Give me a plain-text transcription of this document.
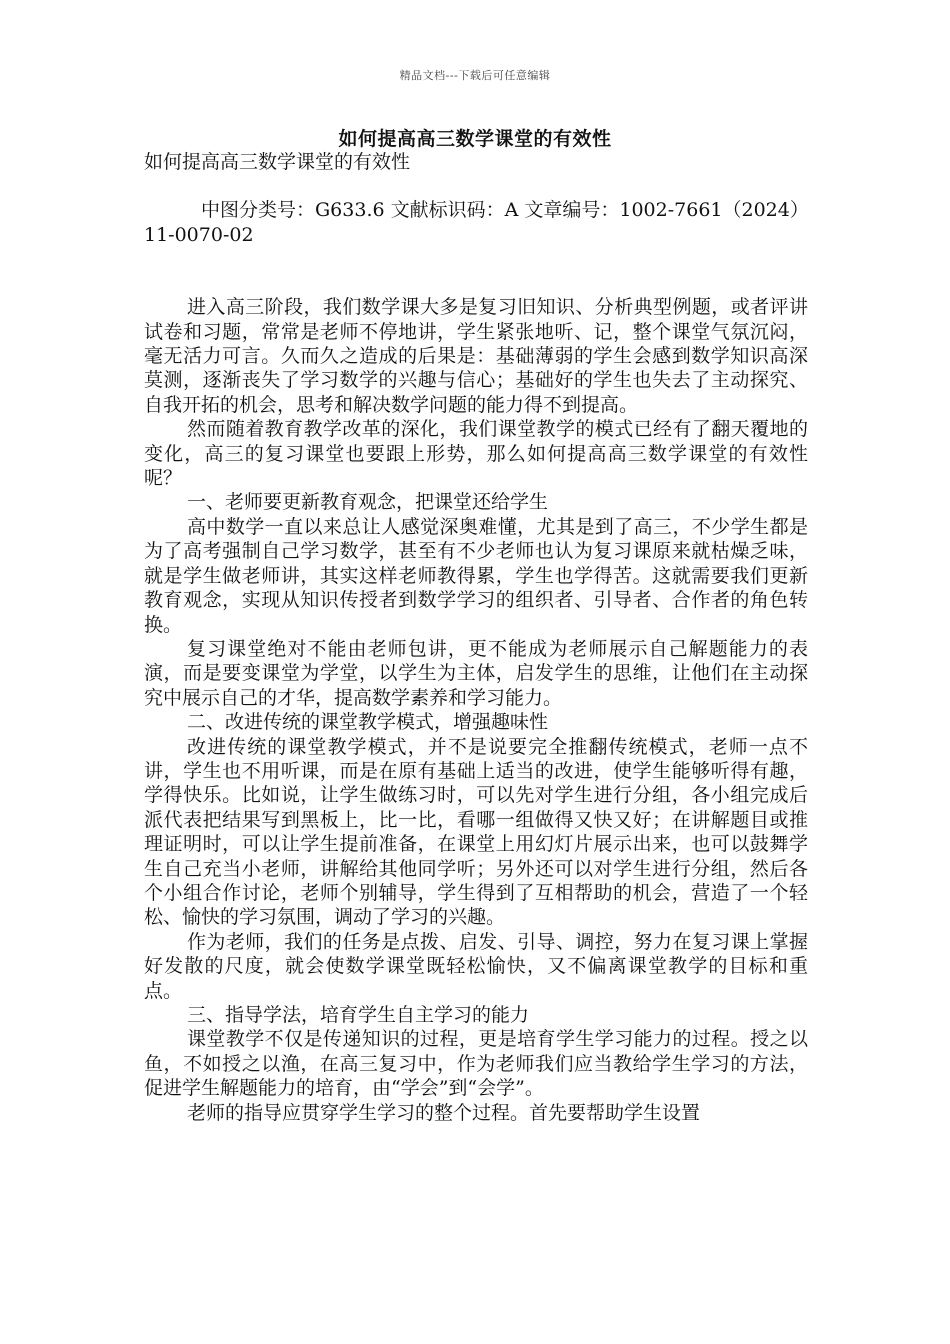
精品文档---下载后可任意编辑
如何提高高三数学课堂的有效性

如何提高高三数学课堂的有效性

中图分类号：G633.6 文献标识码：A 文章编号：1002-7661（2024）11-0070-02

进入高三阶段，我们数学课大多是复习旧知识、分析典型例题，或者评讲试卷和习题，常常是老师不停地讲，学生紧张地听、记，整个课堂气氛沉闷，毫无活力可言。久而久之造成的后果是：基础薄弱的学生会感到数学知识高深莫测，逐渐丧失了学习数学的兴趣与信心；基础好的学生也失去了主动探究、自我开拓的机会，思考和解决数学问题的能力得不到提高。

然而随着教育教学改革的深化，我们课堂教学的模式已经有了翻天覆地的变化，高三的复习课堂也要跟上形势，那么如何提高高三数学课堂的有效性呢？

一、老师要更新教育观念，把课堂还给学生

高中数学一直以来总让人感觉深奥难懂，尤其是到了高三，不少学生都是为了高考强制自己学习数学，甚至有不少老师也认为复习课原来就枯燥乏味，就是学生做老师讲，其实这样老师教得累，学生也学得苦。这就需要我们更新教育观念，实现从知识传授者到数学学习的组织者、引导者、合作者的角色转换。

复习课堂绝对不能由老师包讲，更不能成为老师展示自己解题能力的表演，而是要变课堂为学堂，以学生为主体，启发学生的思维，让他们在主动探究中展示自己的才华，提高数学素养和学习能力。

二、改进传统的课堂教学模式，增强趣味性

改进传统的课堂教学模式，并不是说要完全推翻传统模式，老师一点不讲，学生也不用听课，而是在原有基础上适当的改进，使学生能够听得有趣，学得快乐。比如说，让学生做练习时，可以先对学生进行分组，各小组完成后派代表把结果写到黑板上，比一比，看哪一组做得又快又好；在讲解题目或推理证明时，可以让学生提前准备，在课堂上用幻灯片展示出来，也可以鼓舞学生自己充当小老师，讲解给其他同学听；另外还可以对学生进行分组，然后各个小组合作讨论，老师个别辅导，学生得到了互相帮助的机会，营造了一个轻松、愉快的学习氛围，调动了学习的兴趣。

作为老师，我们的任务是点拨、启发、引导、调控，努力在复习课上掌握好发散的尺度，就会使数学课堂既轻松愉快，又不偏离课堂教学的目标和重点。

三、指导学法，培育学生自主学习的能力

课堂教学不仅是传递知识的过程，更是培育学生学习能力的过程。授之以鱼，不如授之以渔，在高三复习中，作为老师我们应当教给学生学习的方法，促进学生解题能力的培育，由“学会”到“会学”。

老师的指导应贯穿学生学习的整个过程。首先要帮助学生设置
